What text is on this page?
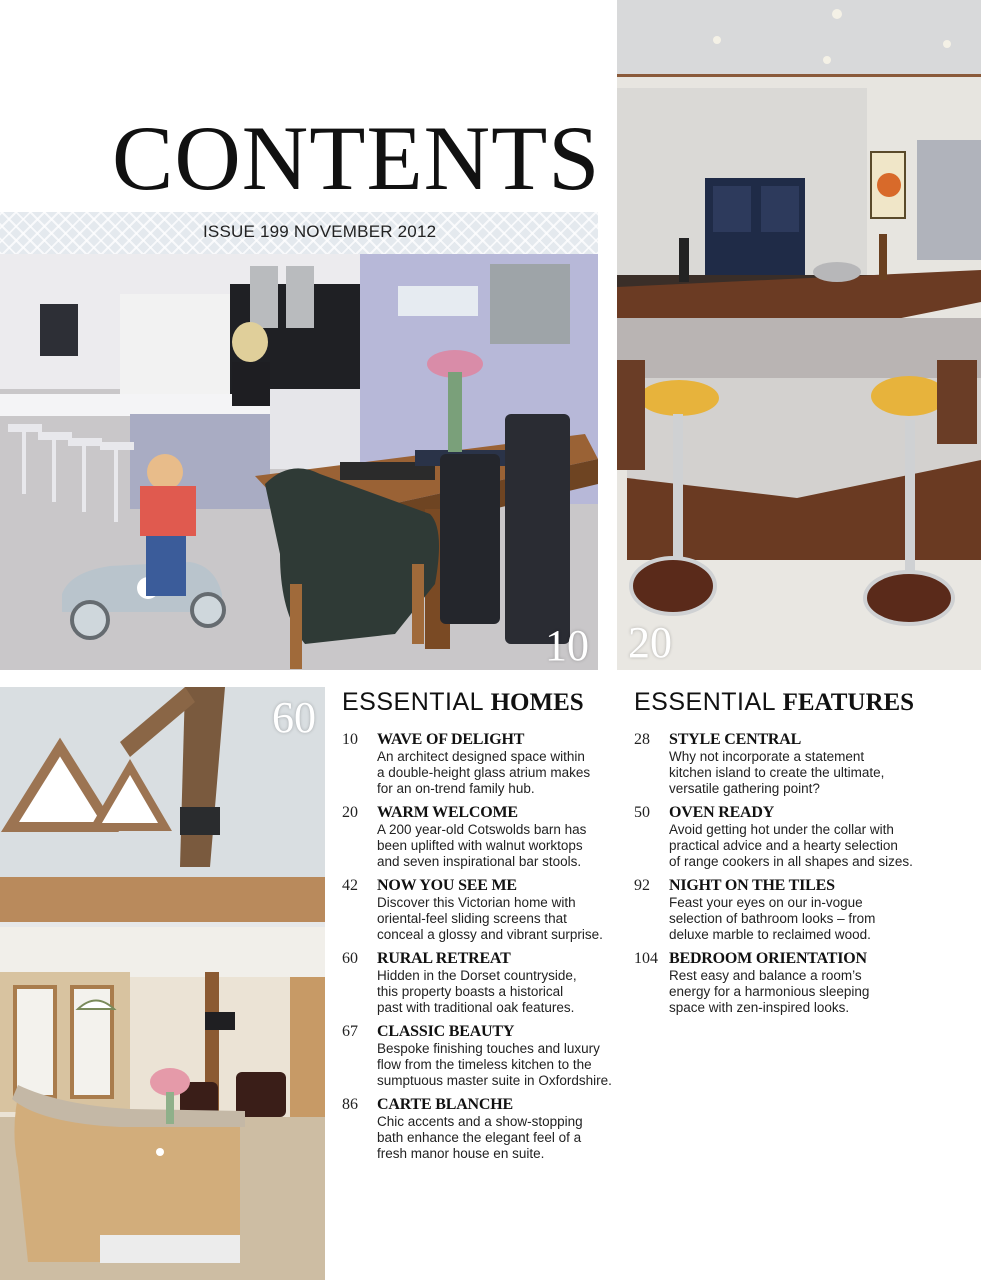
CONTENTS
ISSUE 199 NOVEMBER 2012
10 20
60 ESSENTIAL HOMES
10 WAVE OF DELIGHT
An architect designed space within
a double-height glass atrium makes
for an on-trend family hub.
20 WARM WELCOME
A 200 year-old Cotswolds barn has
been uplifted with walnut worktops
and seven inspirational bar stools.
42 NOW YOU SEE ME
Discover this Victorian home with
oriental-feel sliding screens that
conceal a glossy and vibrant surprise.
60 RURAL RETREAT
Hidden in the Dorset countryside,
this property boasts a historical
past with traditional oak features.
67 CLASSIC BEAUTY
Bespoke finishing touches and luxury
flow from the timeless kitchen to the
sumptuous master suite in Oxfordshire.
86 CARTE BLANCHE
Chic accents and a show-stopping
bath enhance the elegant feel of a
fresh manor house en suite.
ESSENTIAL FEATURES
28 STYLE CENTRAL
Why not incorporate a statement
kitchen island to create the ultimate,
versatile gathering point?
50 OVEN READY
Avoid getting hot under the collar with
practical advice and a hearty selection
of range cookers in all shapes and sizes.
92 NIGHT ON THE TILES
Feast your eyes on our in-vogue
selection of bathroom looks – from
deluxe marble to reclaimed wood.
104 BEDROOM ORIENTATION
Rest easy and balance a room’s
energy for a harmonious sleeping
space with zen-inspired looks.
